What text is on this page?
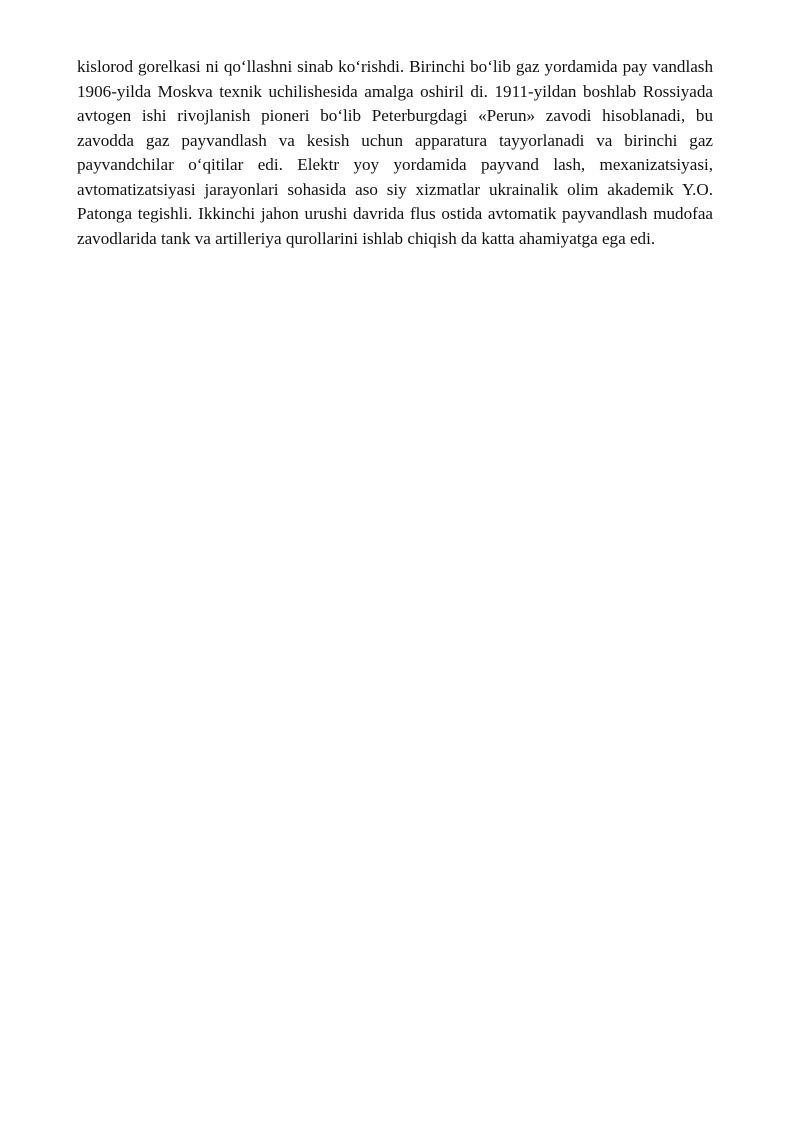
kislorod gorelkasi ni qo‘llashni sinab ko‘rishdi. Birinchi bo‘lib gaz yordamida pay vandlash 1906-yilda Moskva texnik uchilishesida amalga oshiril di. 1911-yildan boshlab Rossiyada avtogen ishi rivojlanish pioneri bo‘lib Peterburgdagi «Perun» zavodi hisoblanadi, bu zavodda gaz payvandlash va kesish uchun apparatura tayyorlanadi va birinchi gaz payvandchilar o‘qitilar edi. Elektr yoy yordamida payvand lash, mexanizatsiyasi, avtomatizatsiyasi jarayonlari sohasida aso siy xizmatlar ukrainalik olim akademik Y.O. Patonga tegishli. Ikkinchi jahon urushi davrida flus ostida avtomatik payvandlash mudofaa zavodlarida tank va artilleriya qurollarini ishlab chiqish da katta ahamiyatga ega edi.
